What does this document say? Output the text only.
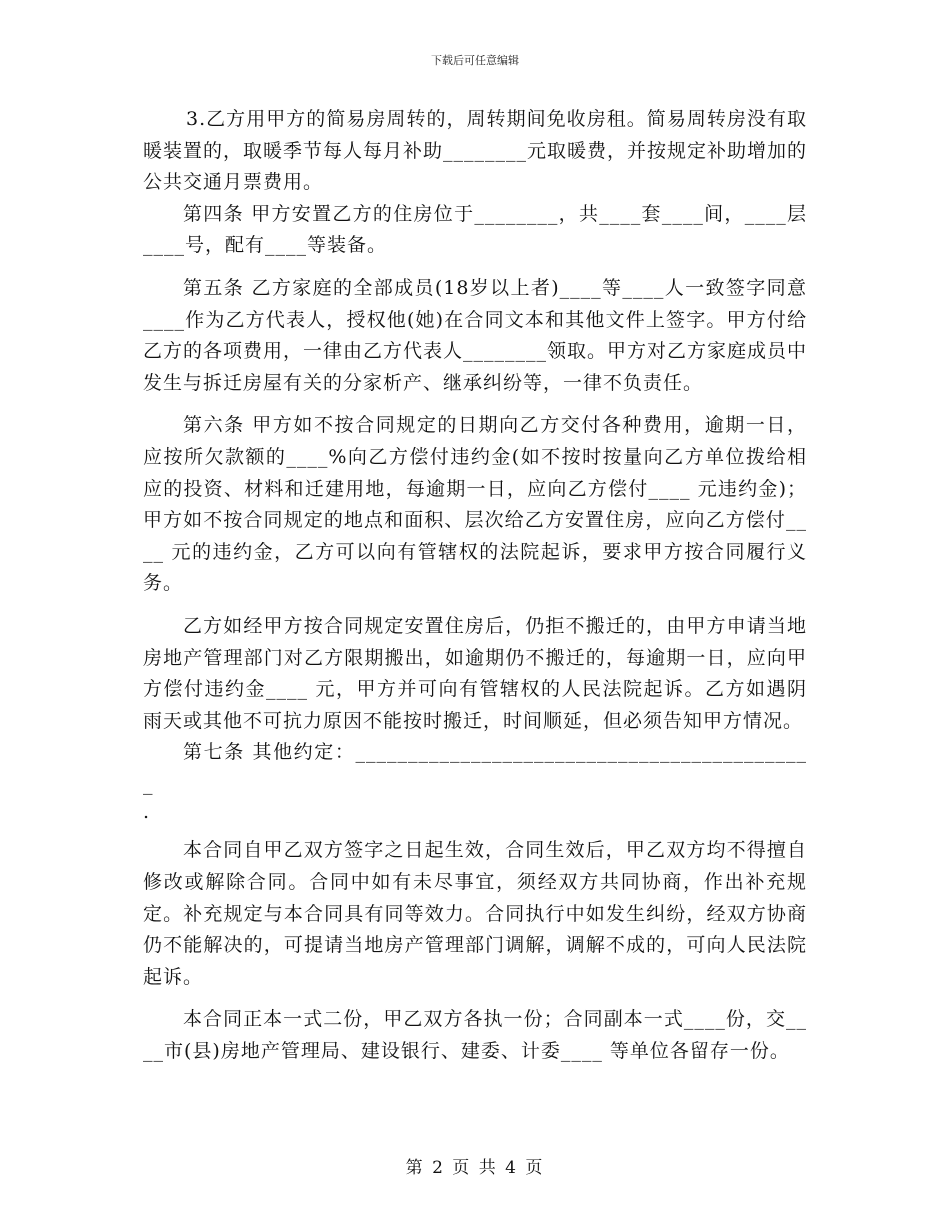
下载后可任意编辑

3.乙方用甲方的简易房周转的，周转期间免收房租。简易周转房没有取暖装置的，取暖季节每人每月补助________元取暖费，并按规定补助增加的公共交通月票费用。

第四条 甲方安置乙方的住房位于________，共____套____间，____层____号，配有____等装备。

第五条 乙方家庭的全部成员(18岁以上者)____等____人一致签字同意____作为乙方代表人，授权他(她)在合同文本和其他文件上签字。甲方付给乙方的各项费用，一律由乙方代表人________领取。甲方对乙方家庭成员中发生与拆迁房屋有关的分家析产、继承纠纷等，一律不负责任。

第六条 甲方如不按合同规定的日期向乙方交付各种费用，逾期一日，应按所欠款额的____%向乙方偿付违约金(如不按时按量向乙方单位拨给相应的投资、材料和迁建用地，每逾期一日，应向乙方偿付____ 元违约金)；甲方如不按合同规定的地点和面积、层次给乙方安置住房，应向乙方偿付____ 元的违约金，乙方可以向有管辖权的法院起诉，要求甲方按合同履行义务。

乙方如经甲方按合同规定安置住房后，仍拒不搬迁的，由甲方申请当地房地产管理部门对乙方限期搬出，如逾期仍不搬迁的，每逾期一日，应向甲方偿付违约金____ 元，甲方并可向有管辖权的人民法院起诉。乙方如遇阴雨天或其他不可抗力原因不能按时搬迁，时间顺延，但必须告知甲方情况。

第七条 其他约定：____________________________________________

.

本合同自甲乙双方签字之日起生效，合同生效后，甲乙双方均不得擅自修改或解除合同。合同中如有未尽事宜，须经双方共同协商，作出补充规定。补充规定与本合同具有同等效力。合同执行中如发生纠纷，经双方协商仍不能解决的，可提请当地房产管理部门调解，调解不成的，可向人民法院起诉。

本合同正本一式二份，甲乙双方各执一份；合同副本一式____份，交____市(县)房地产管理局、建设银行、建委、计委____ 等单位各留存一份。

第 2 页 共 4 页
